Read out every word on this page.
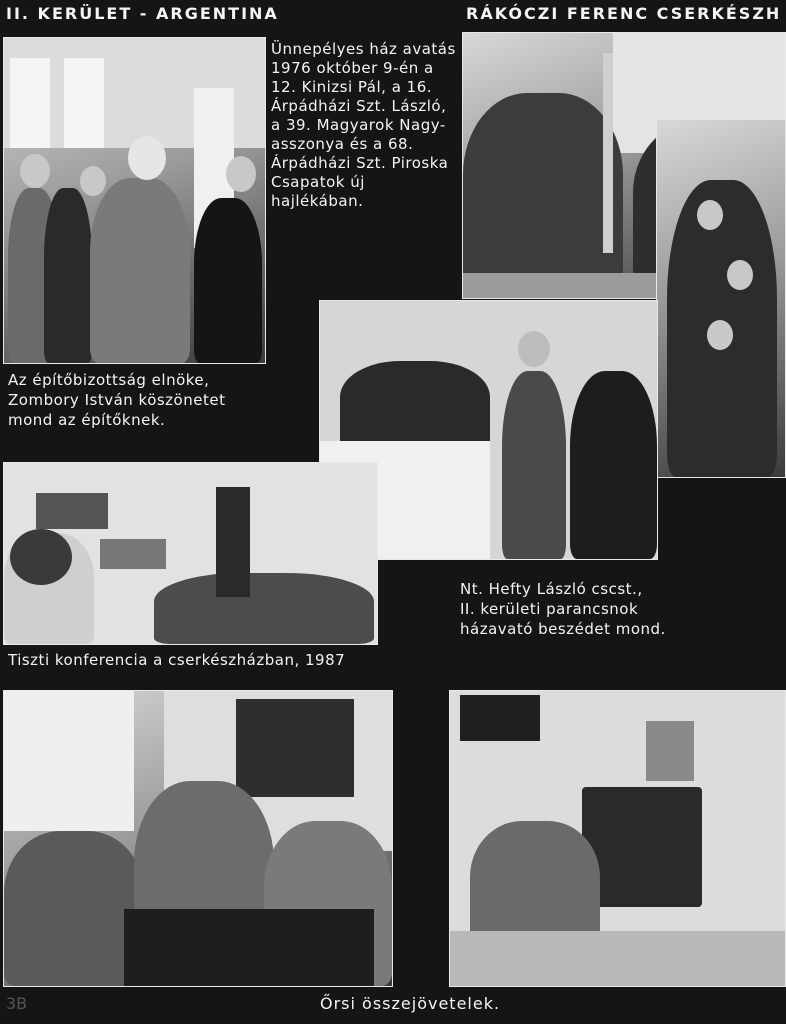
II. KERÜLET - ARGENTINA	RÁKÓCZI FERENC CSERKÉSZH
Ünnepélyes ház avatás 1976 október 9-én a 12. Kinizsi Pál, a 16. Árpádházi Szt. László, a 39. Magyarok Nagy-asszonya és a 68. Árpádházi Szt. Piroska Csapatok új hajlékában.
Az építőbizottság elnöke,
Zombory István köszönetet
mond az építőknek.
Nt. Hefty László cscst.,
II. kerületi parancsnok
házavató beszédet mond.
Tiszti konferencia a cserkészházban, 1987
3B	Őrsi összejövetelek.
